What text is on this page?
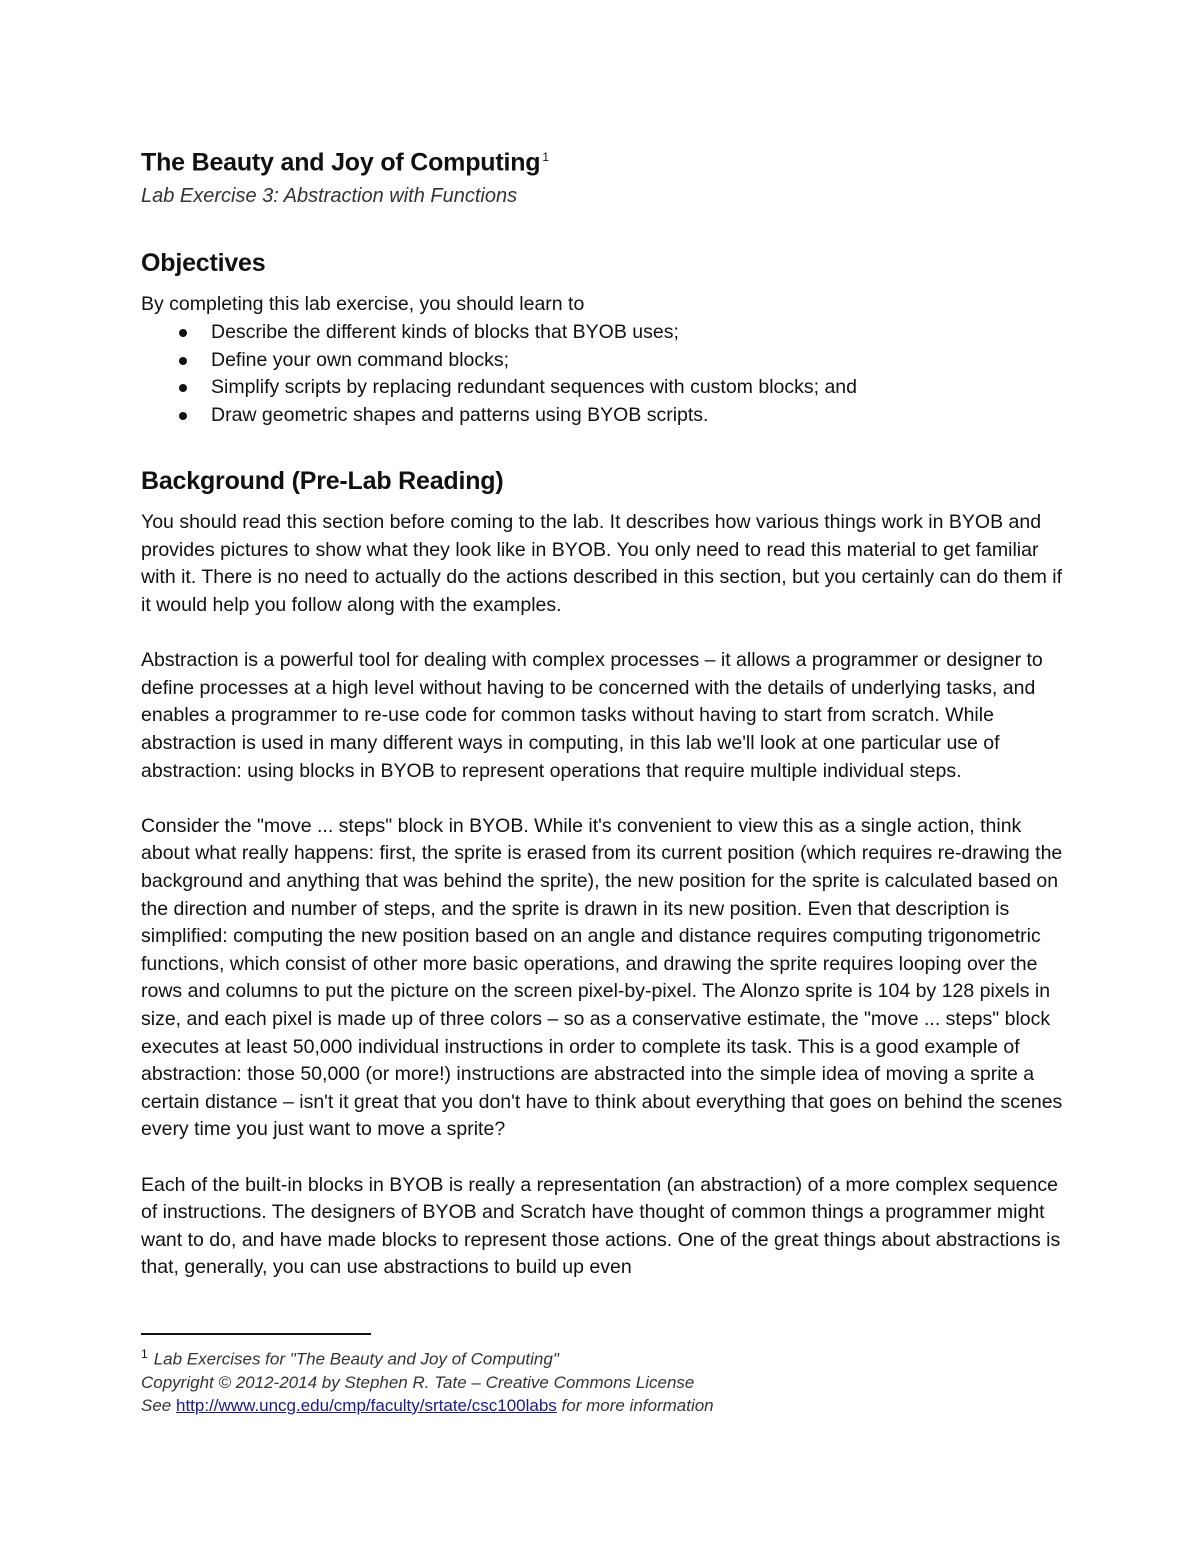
The Beauty and Joy of Computing $^1$
Lab Exercise 3: Abstraction with Functions
Objectives

By completing this lab exercise, you should learn to

Describe the different kinds of blocks that BYOB uses;
Define your own command blocks;
Simplify scripts by replacing redundant sequences with custom blocks; and
Draw geometric shapes and patterns using BYOB scripts.
Background (Pre-Lab Reading)

You should read this section before coming to the lab. It describes how various things work in BYOB and provides pictures to show what they look like in BYOB. You only need to read this material to get familiar with it. There is no need to actually do the actions described in this section, but you certainly can do them if it would help you follow along with the examples.

Abstraction is a powerful tool for dealing with complex processes – it allows a programmer or designer to define processes at a high level without having to be concerned with the details of underlying tasks, and enables a programmer to re-use code for common tasks without having to start from scratch. While abstraction is used in many different ways in computing, in this lab we'll look at one particular use of abstraction: using blocks in BYOB to represent operations that require multiple individual steps.

Consider the "move ... steps" block in BYOB. While it's convenient to view this as a single action, think about what really happens: first, the sprite is erased from its current position (which requires re-drawing the background and anything that was behind the sprite), the new position for the sprite is calculated based on the direction and number of steps, and the sprite is drawn in its new position. Even that description is simplified: computing the new position based on an angle and distance requires computing trigonometric functions, which consist of other more basic operations, and drawing the sprite requires looping over the rows and columns to put the picture on the screen pixel-by-pixel. The Alonzo sprite is 104 by 128 pixels in size, and each pixel is made up of three colors – so as a conservative estimate, the "move ... steps" block executes at least 50,000 individual instructions in order to complete its task. This is a good example of abstraction: those 50,000 (or more!) instructions are abstracted into the simple idea of moving a sprite a certain distance – isn't it great that you don't have to think about everything that goes on behind the scenes every time you just want to move a sprite?

Each of the built-in blocks in BYOB is really a representation (an abstraction) of a more complex sequence of instructions. The designers of BYOB and Scratch have thought of common things a programmer might want to do, and have made blocks to represent those actions. One of the great things about abstractions is that, generally, you can use abstractions to build up even

$^1$ Lab Exercises for "The Beauty and Joy of Computing"

Copyright © 2012-2014 by Stephen R. Tate – Creative Commons License

See http://www.uncg.edu/cmp/faculty/srtate/csc100labs for more information
